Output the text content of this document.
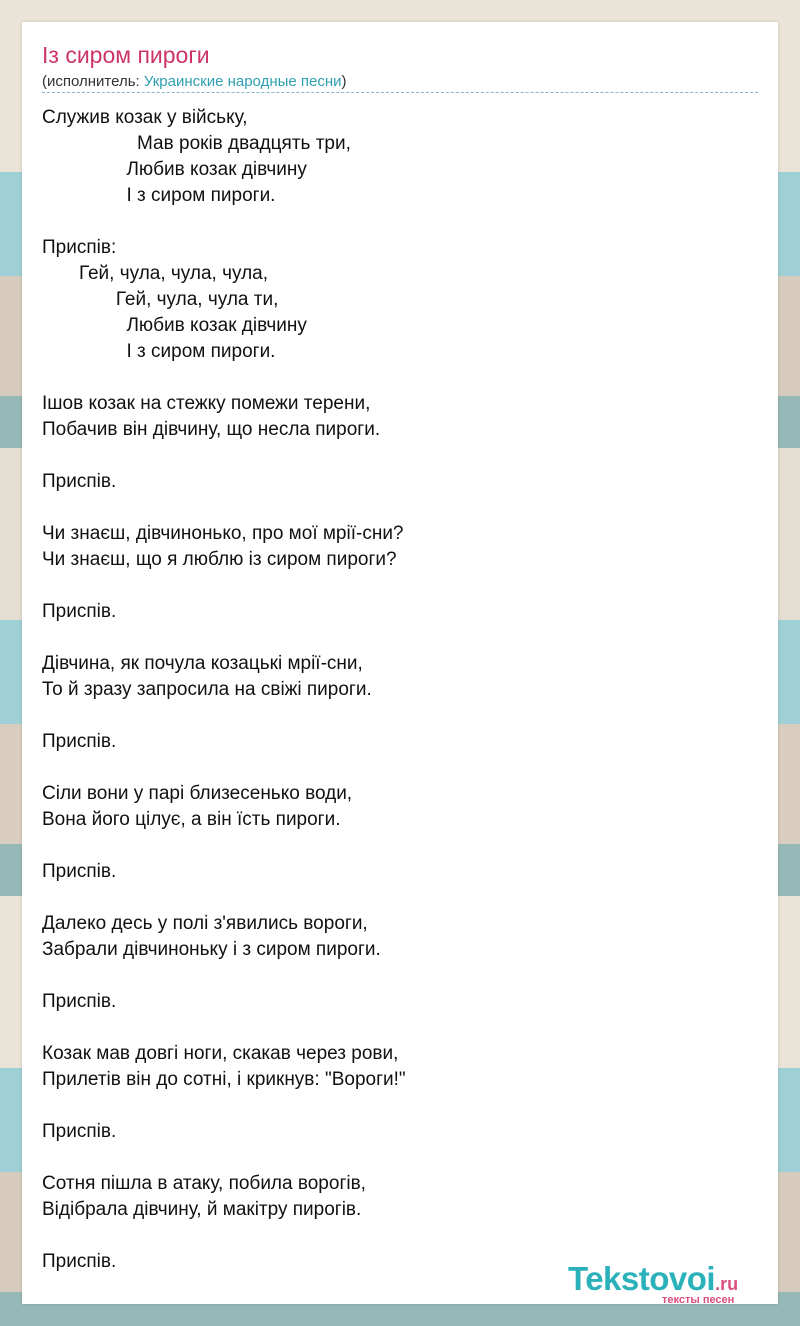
Із сиром пироги
(исполнитель: Украинские народные песни)
Служив козак у війську,
Мав років двадцять три,
Любив козак дівчину
І з сиром пироги.
Приспів:
Гей, чула, чула, чула,
Гей, чула, чула ти,
Любив козак дівчину
І з сиром пироги.
Ішов козак на стежку помежи терени,
Побачив він дівчину, що несла пироги.
Приспів.
Чи знаєш, дівчинонько, про мої мрії-сни?
Чи знаєш, що я люблю із сиром пироги?
Приспів.
Дівчина, як почула козацькі мрії-сни,
То й зразу запросила на свіжі пироги.
Приспів.
Сіли вони у парі близесенько води,
Вона його цілує, а він їсть пироги.
Приспів.
Далеко десь у полі з'явились вороги,
Забрали дівчиноньку і з сиром пироги.
Приспів.
Козак мав довгі ноги, скакав через рови,
Прилетів він до сотні, і крикнув: "Вороги!"
Приспів.
Сотня пішла в атаку, побила ворогів,
Відібрала дівчину, й макітру пирогів.
Приспів.	Tekstovoi.ru
тексты песен
